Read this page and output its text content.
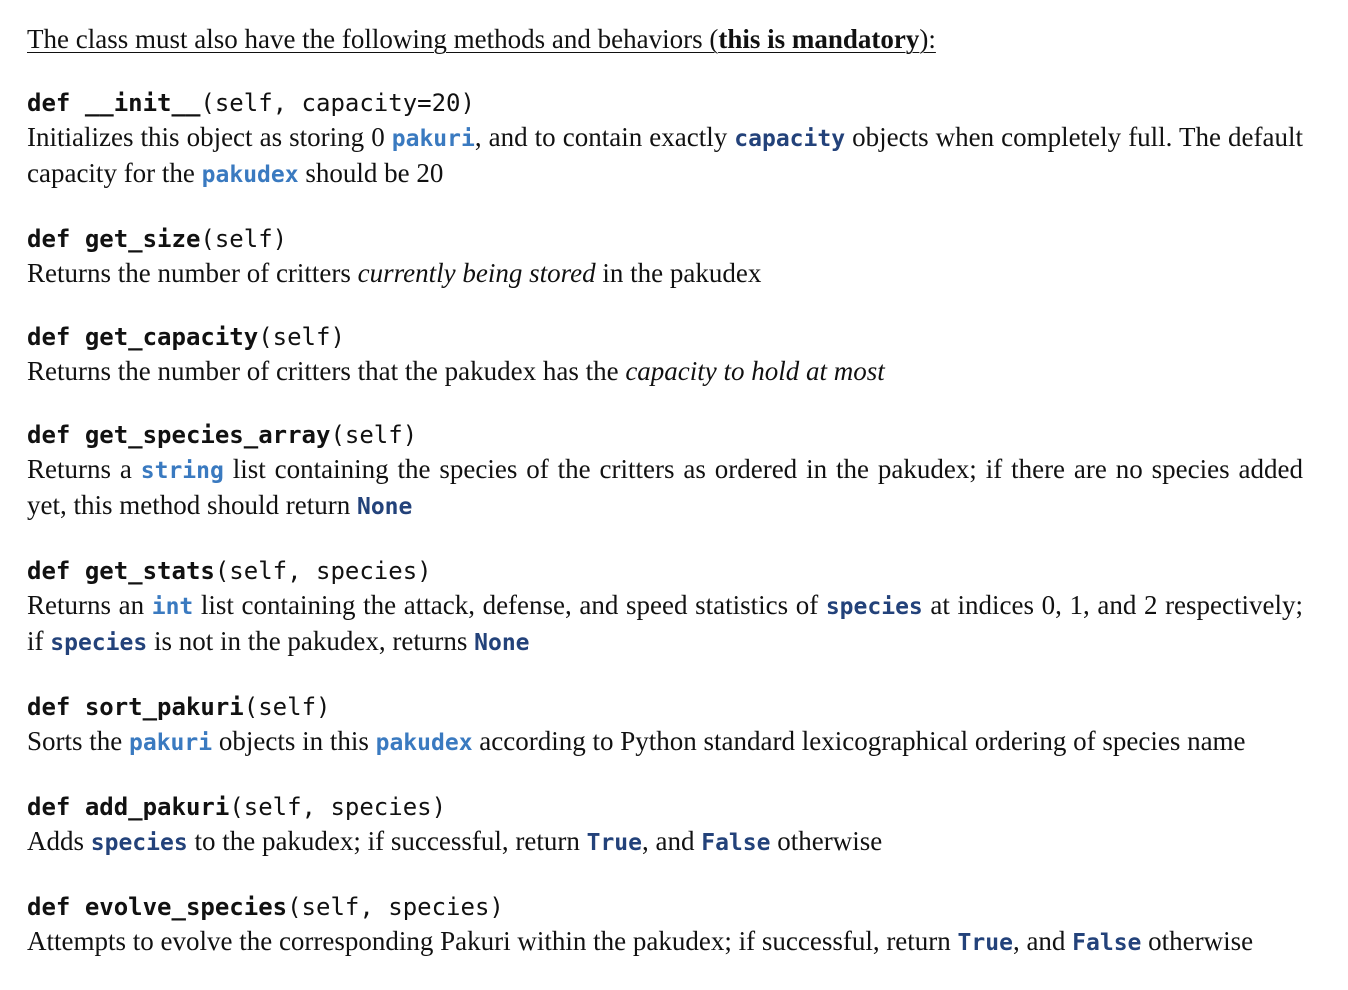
The class must also have the following methods and behaviors (this is mandatory):

def __init__(self, capacity=20)
Initializes this object as storing 0 pakuri, and to contain exactly capacity objects when completely full. The default capacity for the pakudex should be 20
def get_size(self)
Returns the number of critters currently being stored in the pakudex
def get_capacity(self)
Returns the number of critters that the pakudex has the capacity to hold at most
def get_species_array(self)
Returns a string list containing the species of the critters as ordered in the pakudex; if there are no species added yet, this method should return None
def get_stats(self, species)
Returns an int list containing the attack, defense, and speed statistics of species at indices 0, 1, and 2 respectively; if species is not in the pakudex, returns None
def sort_pakuri(self)
Sorts the pakuri objects in this pakudex according to Python standard lexicographical ordering of species name
def add_pakuri(self, species)
Adds species to the pakudex; if successful, return True, and False otherwise
def evolve_species(self, species)
Attempts to evolve the corresponding Pakuri within the pakudex; if successful, return True, and False otherwise
